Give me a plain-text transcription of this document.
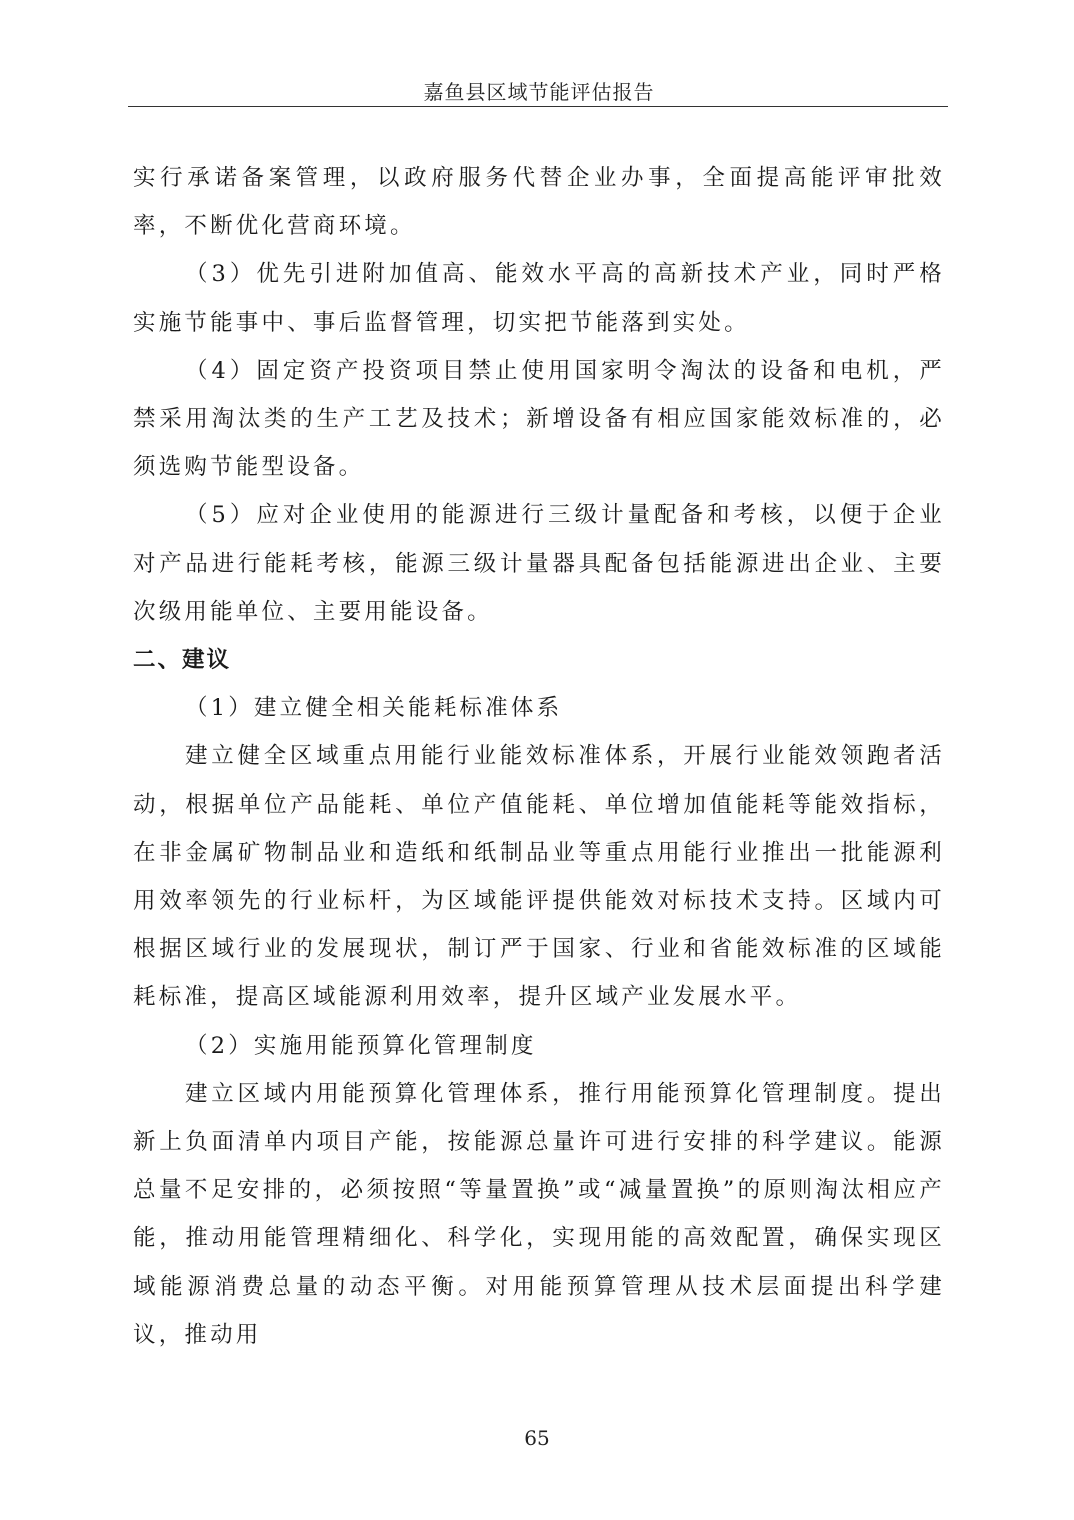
嘉鱼县区域节能评估报告

实行承诺备案管理，以政府服务代替企业办事，全面提高能评审批效率，不断优化营商环境。

（3）优先引进附加值高、能效水平高的高新技术产业，同时严格实施节能事中、事后监督管理，切实把节能落到实处。

（4）固定资产投资项目禁止使用国家明令淘汰的设备和电机，严禁采用淘汰类的生产工艺及技术；新增设备有相应国家能效标准的，必须选购节能型设备。

（5）应对企业使用的能源进行三级计量配备和考核，以便于企业对产品进行能耗考核，能源三级计量器具配备包括能源进出企业、主要次级用能单位、主要用能设备。

二、建议

（1）建立健全相关能耗标准体系

建立健全区域重点用能行业能效标准体系，开展行业能效领跑者活动，根据单位产品能耗、单位产值能耗、单位增加值能耗等能效指标，在非金属矿物制品业和造纸和纸制品业等重点用能行业推出一批能源利用效率领先的行业标杆，为区域能评提供能效对标技术支持。区域内可根据区域行业的发展现状，制订严于国家、行业和省能效标准的区域能耗标准，提高区域能源利用效率，提升区域产业发展水平。

（2）实施用能预算化管理制度

建立区域内用能预算化管理体系，推行用能预算化管理制度。提出新上负面清单内项目产能，按能源总量许可进行安排的科学建议。能源总量不足安排的，必须按照“等量置换”或“减量置换”的原则淘汰相应产能，推动用能管理精细化、科学化，实现用能的高效配置，确保实现区域能源消费总量的动态平衡。对用能预算管理从技术层面提出科学建议，推动用

65
